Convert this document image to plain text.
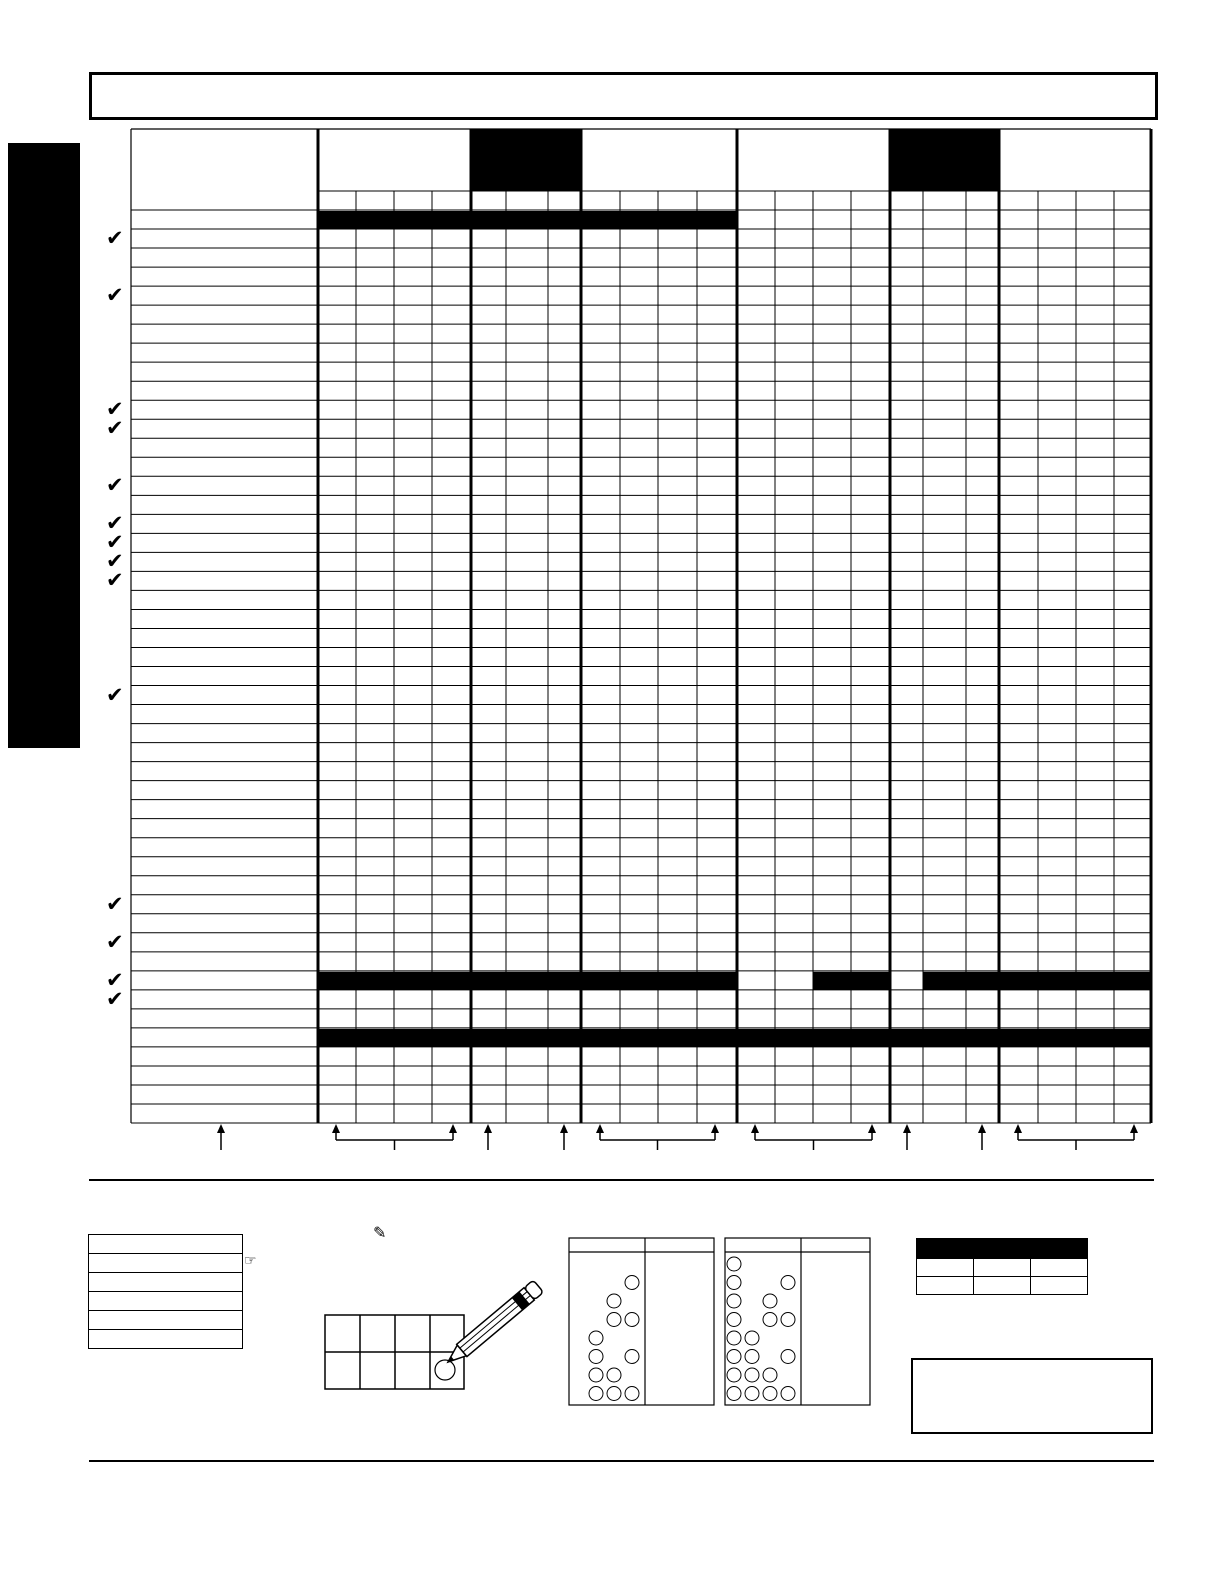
✔
✔
✔
✔
✔
✔
✔
✔
✔
✔
✔
✔
✔
✔
☞
✎
